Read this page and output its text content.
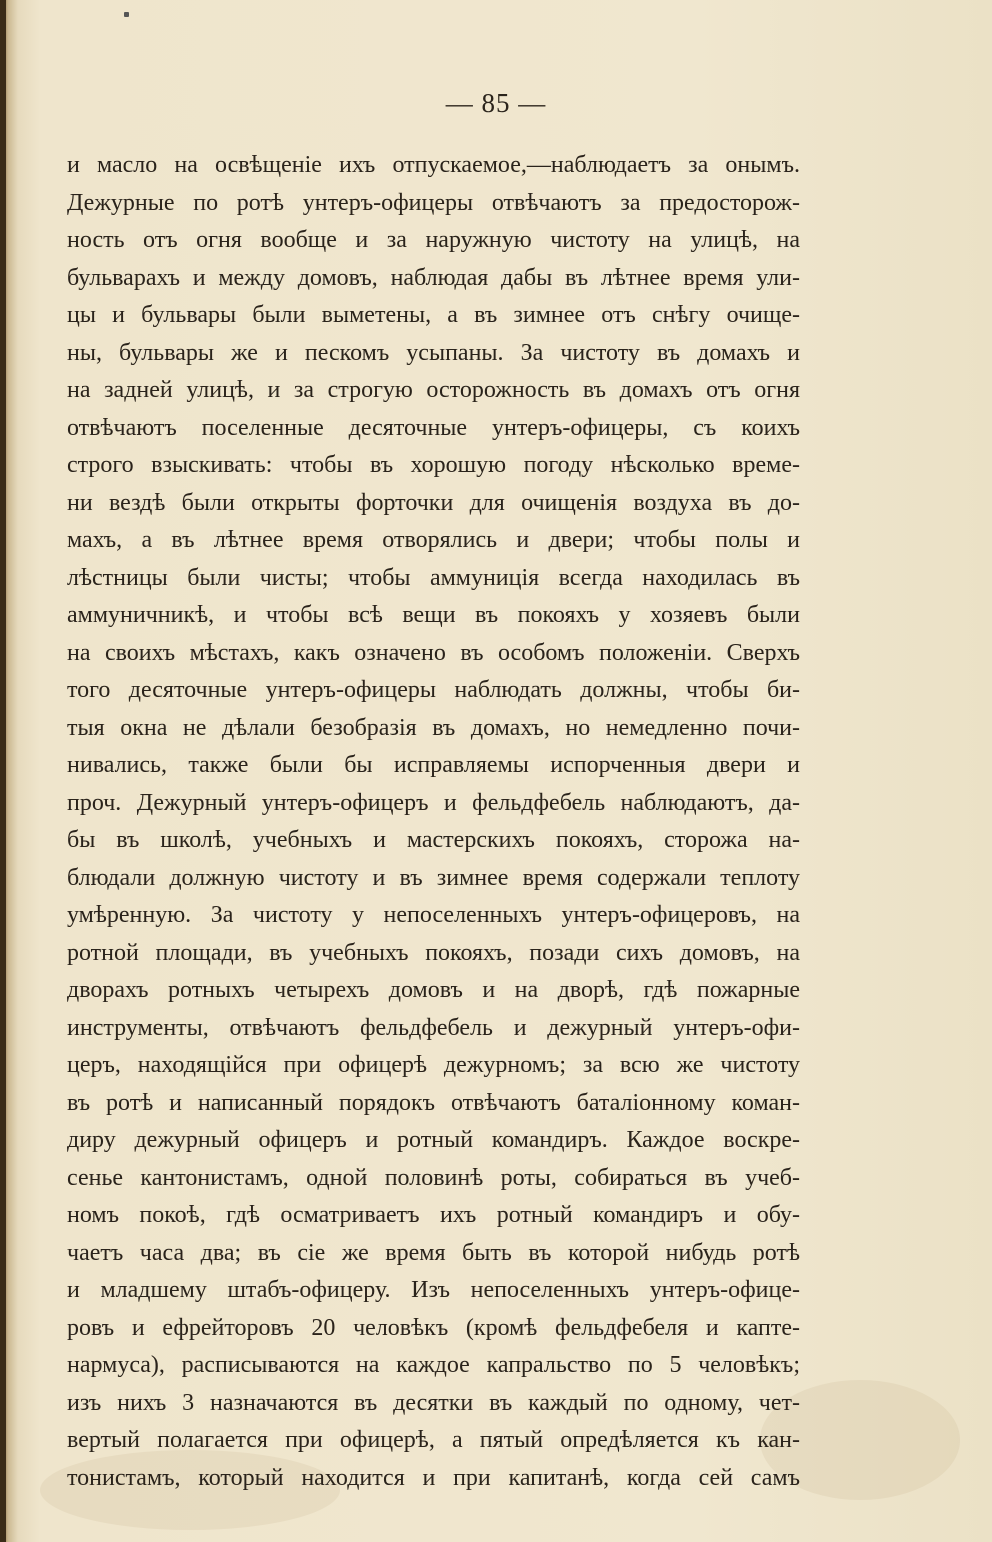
— 85 —
и масло на освѣщеніе ихъ отпускаемое,—наблюдаетъ за онымъ.
Дежурные по ротѣ унтеръ-офицеры отвѣчаютъ за предосторож-
ность отъ огня вообще и за наружную чистоту на улицѣ, на
бульварахъ и между домовъ, наблюдая дабы въ лѣтнее время ули-
цы и бульвары были выметены, а въ зимнее отъ снѣгу очище-
ны, бульвары же и пескомъ усыпаны. За чистоту въ домахъ и
на задней улицѣ, и за строгую осторожность въ домахъ отъ огня
отвѣчаютъ поселенные десяточные унтеръ-офицеры, съ коихъ
строго взыскивать: чтобы въ хорошую погоду нѣсколько време-
ни вездѣ были открыты форточки для очищенія воздуха въ до-
махъ, а въ лѣтнее время отворялись и двери; чтобы полы и
лѣстницы были чисты; чтобы аммуниція всегда находилась въ
аммуничникѣ, и чтобы всѣ вещи въ покояхъ у хозяевъ были
на своихъ мѣстахъ, какъ означено въ особомъ положеніи. Сверхъ
того десяточные унтеръ-офицеры наблюдать должны, чтобы би-
тыя окна не дѣлали безобразія въ домахъ, но немедленно почи-
нивались, также были бы исправляемы испорченныя двери и
проч. Дежурный унтеръ-офицеръ и фельдфебель наблюдаютъ, да-
бы въ школѣ, учебныхъ и мастерскихъ покояхъ, сторожа на-
блюдали должную чистоту и въ зимнее время содержали теплоту
умѣренную. За чистоту у непоселенныхъ унтеръ-офицеровъ, на
ротной площади, въ учебныхъ покояхъ, позади сихъ домовъ, на
дворахъ ротныхъ четырехъ домовъ и на дворѣ, гдѣ пожарные
инструменты, отвѣчаютъ фельдфебель и дежурный унтеръ-офи-
церъ, находящійся при офицерѣ дежурномъ; за всю же чистоту
въ ротѣ и написанный порядокъ отвѣчаютъ баталіонному коман-
диру дежурный офицеръ и ротный командиръ. Каждое воскре-
сенье кантонистамъ, одной половинѣ роты, собираться въ учеб-
номъ покоѣ, гдѣ осматриваетъ ихъ ротный командиръ и обу-
чаетъ часа два; въ сіе же время быть въ которой нибудь ротѣ
и младшему штабъ-офицеру. Изъ непоселенныхъ унтеръ-офице-
ровъ и ефрейторовъ 20 человѣкъ (кромѣ фельдфебеля и капте-
нармуса), расписываются на каждое капральство по 5 человѣкъ;
изъ нихъ 3 назначаются въ десятки въ каждый по одному, чет-
вертый полагается при офицерѣ, а пятый опредѣляется къ кан-
тонистамъ, который находится и при капитанѣ, когда сей самъ
